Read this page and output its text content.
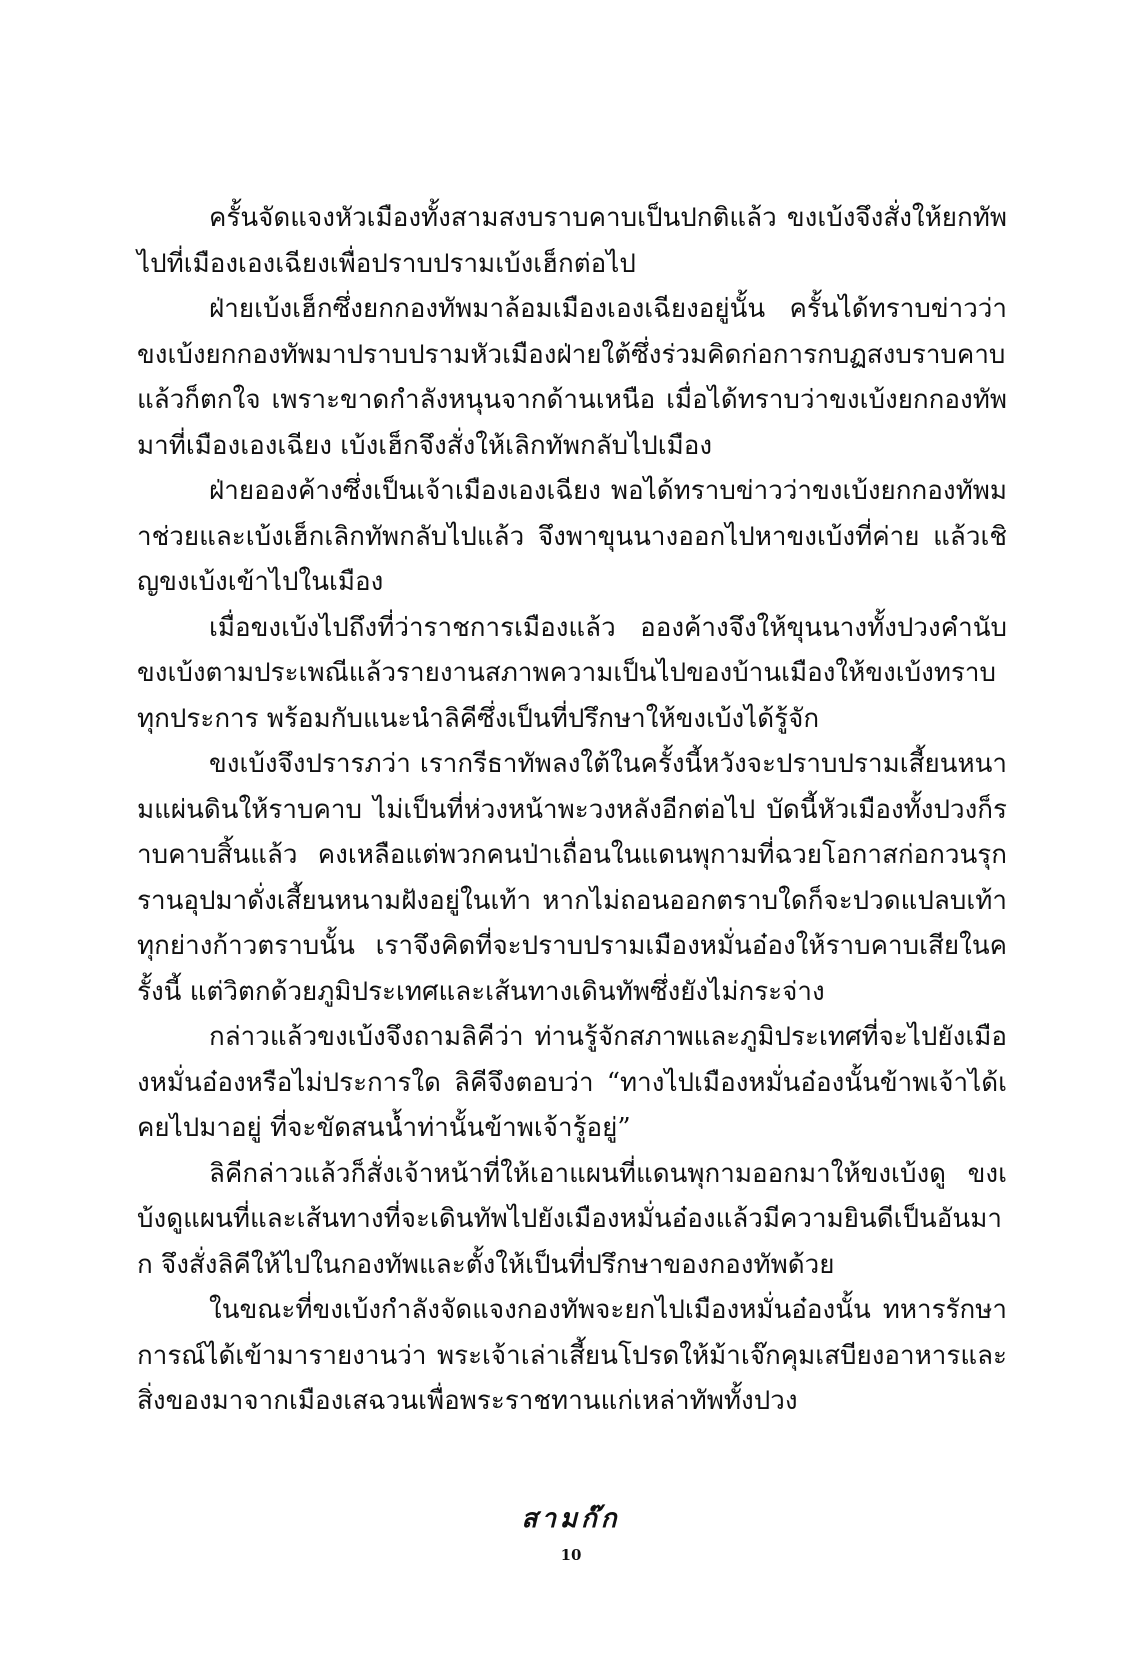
ครั้นจัดแจงหัวเมืองทั้งสามสงบราบคาบเป็นปกติแล้ว ขงเบ้งจึงสั่งให้ยกทัพไปที่เมืองเองเฉียงเพื่อปราบปรามเบ้งเฮ็กต่อไป

ฝ่ายเบ้งเฮ็กซึ่งยกกองทัพมาล้อมเมืองเองเฉียงอยู่นั้น ครั้นได้ทราบข่าวว่าขงเบ้งยกกองทัพมาปราบปรามหัวเมืองฝ่ายใต้ซึ่งร่วมคิดก่อการกบฏสงบราบคาบแล้วก็ตกใจ เพราะขาดกำลังหนุนจากด้านเหนือ เมื่อได้ทราบว่าขงเบ้งยกกองทัพมาที่เมืองเองเฉียง เบ้งเฮ็กจึงสั่งให้เลิกทัพกลับไปเมือง

ฝ่ายอองค้างซึ่งเป็นเจ้าเมืองเองเฉียง พอได้ทราบข่าวว่าขงเบ้งยกกองทัพมาช่วยและเบ้งเฮ็กเลิกทัพกลับไปแล้ว จึงพาขุนนางออกไปหาขงเบ้งที่ค่าย แล้วเชิญขงเบ้งเข้าไปในเมือง

เมื่อขงเบ้งไปถึงที่ว่าราชการเมืองแล้ว อองค้างจึงให้ขุนนางทั้งปวงคำนับขงเบ้งตามประเพณีแล้วรายงานสภาพความเป็นไปของบ้านเมืองให้ขงเบ้งทราบทุกประการ พร้อมกับแนะนำลิคีซึ่งเป็นที่ปรึกษาให้ขงเบ้งได้รู้จัก

ขงเบ้งจึงปรารภว่า เรากรีธาทัพลงใต้ในครั้งนี้หวังจะปราบปรามเสี้ยนหนามแผ่นดินให้ราบคาบ ไม่เป็นที่ห่วงหน้าพะวงหลังอีกต่อไป บัดนี้หัวเมืองทั้งปวงก็ราบคาบสิ้นแล้ว คงเหลือแต่พวกคนป่าเถื่อนในแดนพุกามที่ฉวยโอกาสก่อกวนรุกรานอุปมาดั่งเสี้ยนหนามฝังอยู่ในเท้า หากไม่ถอนออกตราบใดก็จะปวดแปลบเท้าทุกย่างก้าวตราบนั้น เราจึงคิดที่จะปราบปรามเมืองหมั่นอ๋องให้ราบคาบเสียในครั้งนี้ แต่วิตกด้วยภูมิประเทศและเส้นทางเดินทัพซึ่งยังไม่กระจ่าง

กล่าวแล้วขงเบ้งจึงถามลิคีว่า ท่านรู้จักสภาพและภูมิประเทศที่จะไปยังเมืองหมั่นอ๋องหรือไม่ประการใด ลิคีจึงตอบว่า “ทางไปเมืองหมั่นอ๋องนั้นข้าพเจ้าได้เคยไปมาอยู่ ที่จะขัดสนน้ำท่านั้นข้าพเจ้ารู้อยู่”

ลิคีกล่าวแล้วก็สั่งเจ้าหน้าที่ให้เอาแผนที่แดนพุกามออกมาให้ขงเบ้งดู ขงเบ้งดูแผนที่และเส้นทางที่จะเดินทัพไปยังเมืองหมั่นอ๋องแล้วมีความยินดีเป็นอันมาก จึงสั่งลิคีให้ไปในกองทัพและตั้งให้เป็นที่ปรึกษาของกองทัพด้วย

ในขณะที่ขงเบ้งกำลังจัดแจงกองทัพจะยกไปเมืองหมั่นอ๋องนั้น ทหารรักษาการณ์ได้เข้ามารายงานว่า พระเจ้าเล่าเสี้ยนโปรดให้ม้าเจ๊กคุมเสบียงอาหารและสิ่งของมาจากเมืองเสฉวนเพื่อพระราชทานแก่เหล่าทัพทั้งปวง

สามก๊ก
10
